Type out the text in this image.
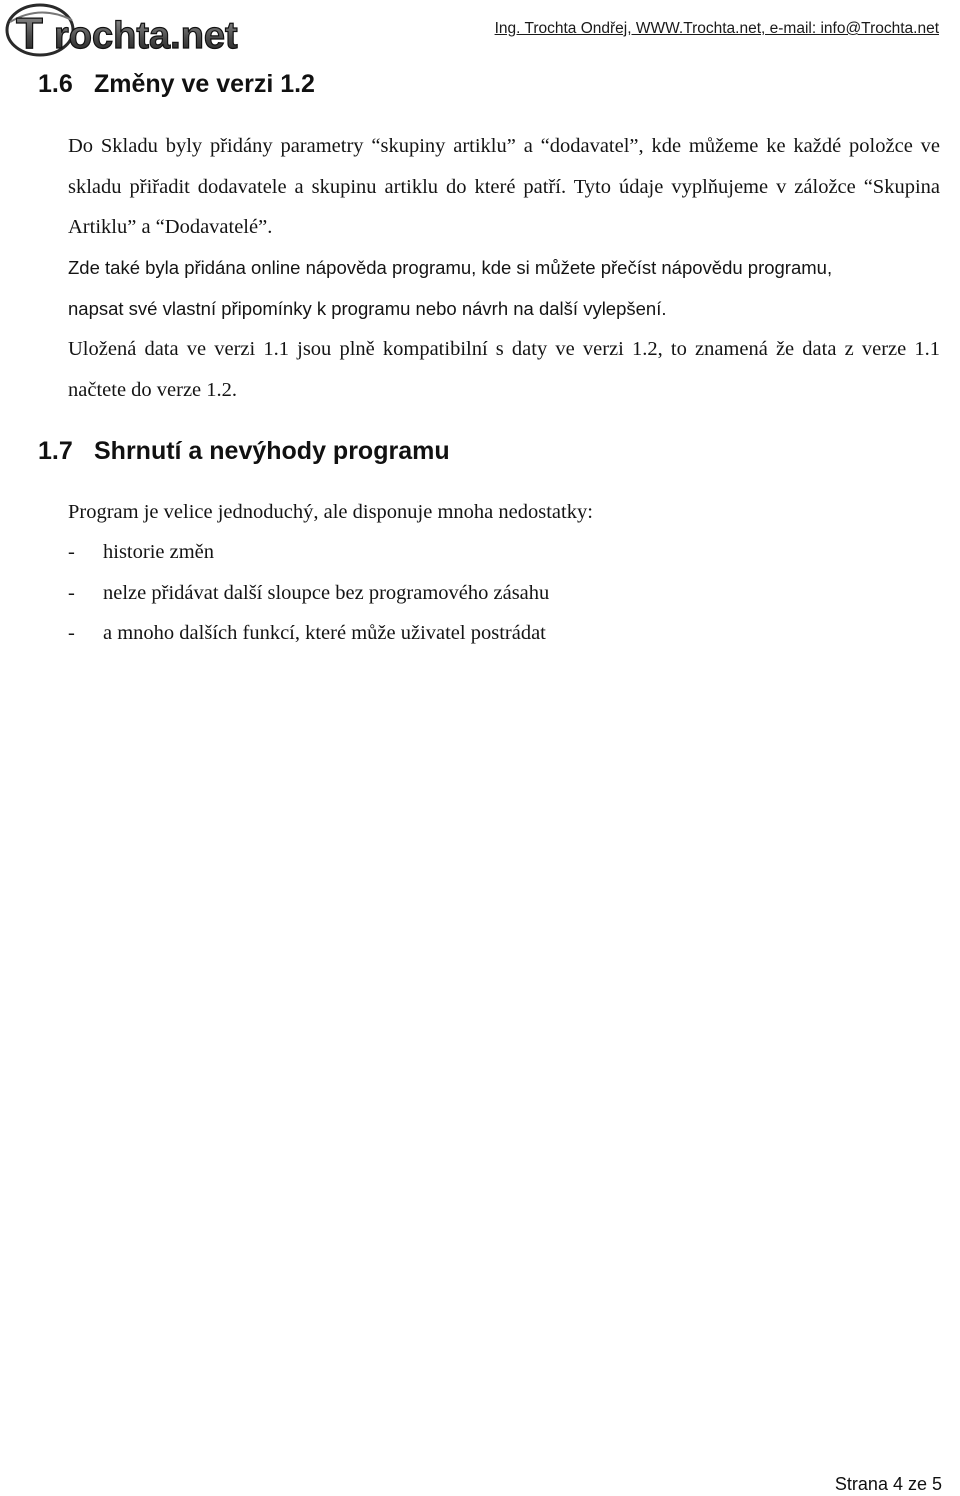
T rochta.net	Ing. Trochta Ondřej, WWW.Trochta.net, e-mail: info@Trochta.net
1.6 Změny ve verzi 1.2

Do Skladu byly přidány parametry “skupiny artiklu” a “dodavatel”, kde můžeme ke každé položce ve skladu přiřadit dodavatele a skupinu artiklu do které patří. Tyto údaje vyplňujeme v záložce “Skupina Artiklu” a “Dodavatelé”.

Zde také byla přidána online nápověda programu, kde si můžete přečíst nápovědu programu,
napsat své vlastní připomínky k programu nebo návrh na další vylepšení.

Uložená data ve verzi 1.1 jsou plně kompatibilní s daty ve verzi 1.2, to znamená že data z verze 1.1 načtete do verze 1.2.

1.7 Shrnutí a nevýhody programu

Program je velice jednoduchý, ale disponuje mnoha nedostatky:

- historie změn
- nelze přidávat další sloupce bez programového zásahu
- a mnoho dalších funkcí, které může uživatel postrádat
Strana 4 ze 5
